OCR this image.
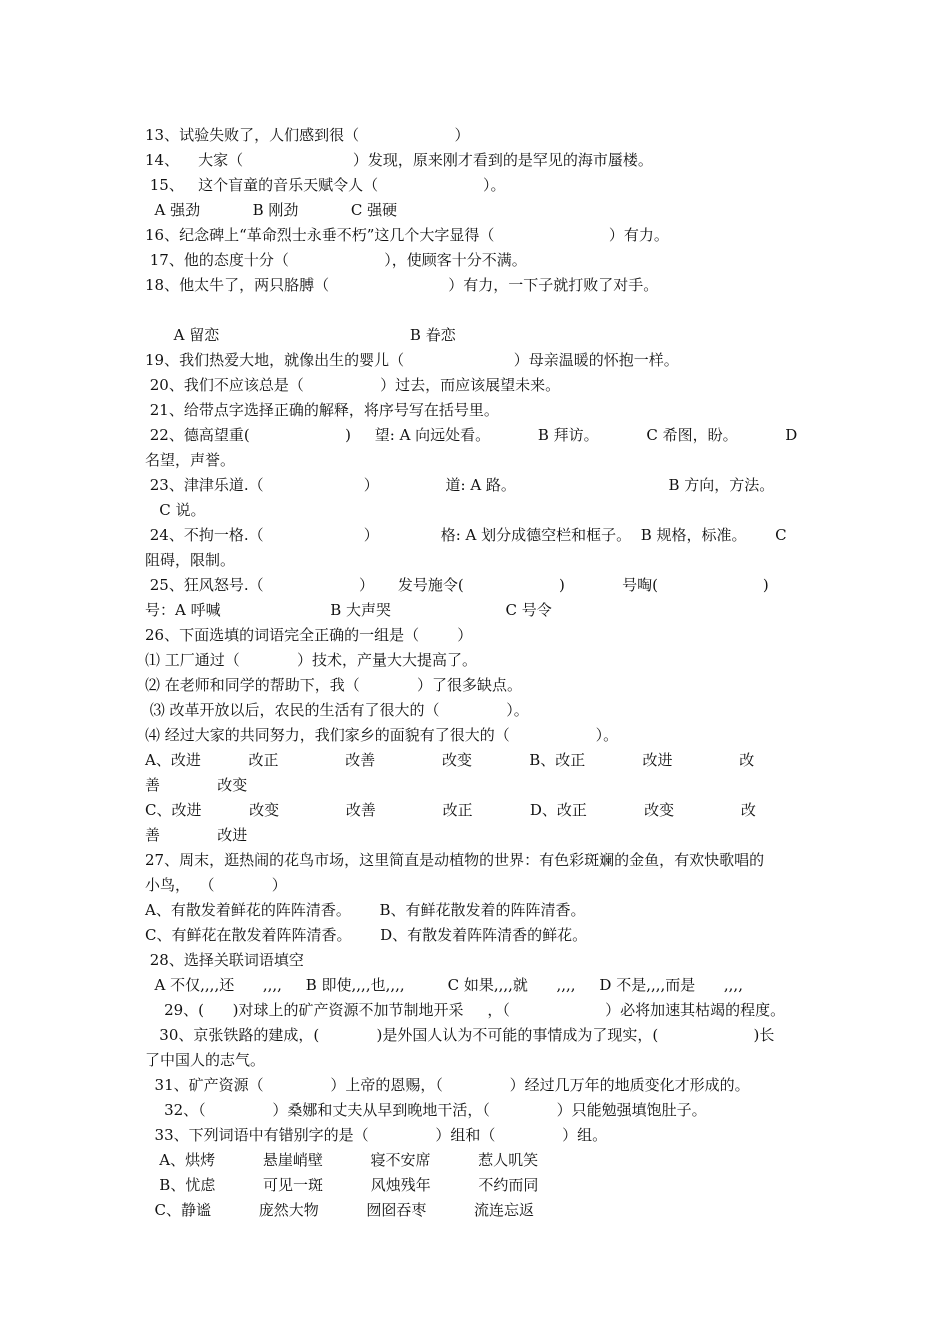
13、试验失败了，人们感到很（                    ）
14、    大家（                       ）发现，原来刚才看到的是罕见的海市蜃楼。
15、   这个盲童的音乐天赋令人（                      ）。
A 强劲           B 刚劲           C 强硬
16、纪念碑上“革命烈士永垂不朽”这几个大字显得（                        ）有力。
17、他的态度十分（                    ），使顾客十分不满。
18、他太牛了，两只胳膊（                         ）有力，一下子就打败了对手。
A 留恋                                        B 眷恋
19、我们热爱大地，就像出生的婴儿（                       ）母亲温暖的怀抱一样。
20、我们不应该总是（                ）过去，而应该展望未来。
21、给带点字选择正确的解释，将序号写在括号里。
22、德高望重(                    )     望: A 向远处看。          B 拜访。          C 希图，盼。          D
名望，声誉。
23、津津乐道.（                     ）              道: A 路。                                B 方向，方法。
C 说。
24、不拘一格.（                     ）             格: A 划分成德空栏和框子。  B 规格，标准。      C
阻碍，限制。
25、狂风怒号.（                    ）     发号施令(                    )            号啕(                      )
号：A 呼喊                       B 大声哭                        C 号令
26、下面选填的词语完全正确的一组是（        ）
⑴ 工厂通过（            ）技术，产量大大提高了。
⑵ 在老师和同学的帮助下，我（            ）了很多缺点。
⑶ 改革开放以后，农民的生活有了很大的（              ）。
⑷ 经过大家的共同努力，我们家乡的面貌有了很大的（                  ）。
A、改进          改正              改善              改变            B、改正            改进              改
善            改变
C、改进          改变              改善              改正            D、改正            改变              改
善            改进
27、周末，逛热闹的花鸟市场，这里简直是动植物的世界：有色彩斑斓的金鱼，有欢快歌唱的
小鸟，  （            ）
A、有散发着鲜花的阵阵清香。      B、有鲜花散发着的阵阵清香。
C、有鲜花在散发着阵阵清香。      D、有散发着阵阵清香的鲜花。
28、选择关联词语填空
A 不仅,,,,还      ,,,,     B 即使,,,,也,,,,         C 如果,,,,就      ,,,,     D 不是,,,,而是      ,,,,
29、(      )对球上的矿产资源不加节制地开采     ，（                    ）必将加速其枯竭的程度。
30、京张铁路的建成，(            )是外国人认为不可能的事情成为了现实，(                    )长
了中国人的志气。
31、矿产资源（              ）上帝的恩赐，（              ）经过几万年的地质变化才形成的。
32、（              ）桑娜和丈夫从早到晚地干活，（              ）只能勉强填饱肚子。
33、下列词语中有错别字的是（              ）组和（              ）组。
A、烘烤          悬崖峭壁          寝不安席          惹人叽笑
B、忧虑          可见一斑          风烛残年          不约而同
C、静谧          庞然大物          囫囵吞枣          流连忘返
